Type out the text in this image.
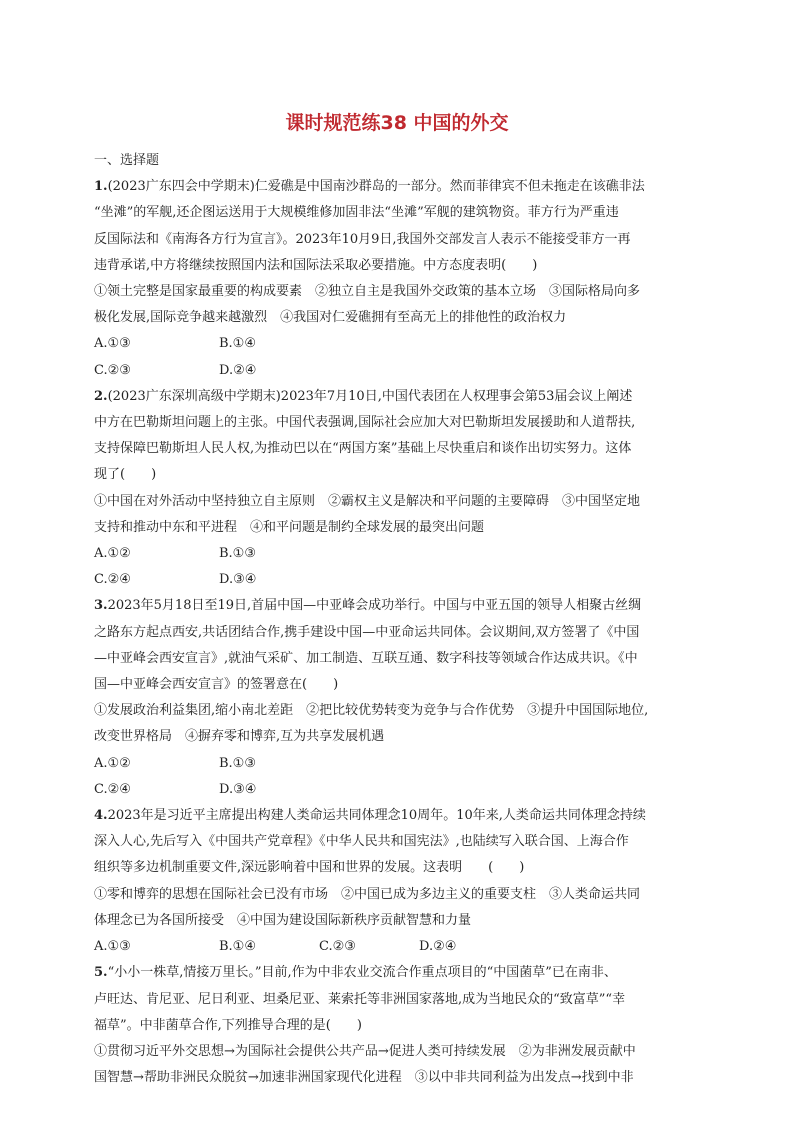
课时规范练38 中国的外交
一、选择题
1.(2023广东四会中学期末)仁爱礁是中国南沙群岛的一部分。然而菲律宾不但未拖走在该礁非法
“坐滩”的军舰,还企图运送用于大规模维修加固非法“坐滩”军舰的建筑物资。菲方行为严重违
反国际法和《南海各方行为宣言》。2023年10月9日,我国外交部发言人表示不能接受菲方一再
违背承诺,中方将继续按照国内法和国际法采取必要措施。中方态度表明(　　)
①领土完整是国家最重要的构成要素　②独立自主是我国外交政策的基本立场　③国际格局向多
极化发展,国际竞争越来越激烈　④我国对仁爱礁拥有至高无上的排他性的政治权力
A.①③	B.①④
C.②③	D.②④
2.(2023广东深圳高级中学期末)2023年7月10日,中国代表团在人权理事会第53届会议上阐述
中方在巴勒斯坦问题上的主张。中国代表强调,国际社会应加大对巴勒斯坦发展援助和人道帮扶,
支持保障巴勒斯坦人民人权,为推动巴以在“两国方案”基础上尽快重启和谈作出切实努力。这体
现了(　　)
①中国在对外活动中坚持独立自主原则　②霸权主义是解决和平问题的主要障碍　③中国坚定地
支持和推动中东和平进程　④和平问题是制约全球发展的最突出问题
A.①②	B.①③
C.②④	D.③④
3.2023年5月18日至19日,首届中国—中亚峰会成功举行。中国与中亚五国的领导人相聚古丝绸
之路东方起点西安,共话团结合作,携手建设中国—中亚命运共同体。会议期间,双方签署了《中国
—中亚峰会西安宣言》,就油气采矿、加工制造、互联互通、数字科技等领域合作达成共识。《中
国—中亚峰会西安宣言》的签署意在(　　)
①发展政治利益集团,缩小南北差距　②把比较优势转变为竞争与合作优势　③提升中国国际地位,
改变世界格局　④摒弃零和博弈,互为共享发展机遇
A.①②	B.①③
C.②④	D.③④
4.2023年是习近平主席提出构建人类命运共同体理念10周年。10年来,人类命运共同体理念持续
深入人心,先后写入《中国共产党章程》《中华人民共和国宪法》,也陆续写入联合国、上海合作
组织等多边机制重要文件,深远影响着中国和世界的发展。这表明　　(　　)
①零和博弈的思想在国际社会已没有市场　②中国已成为多边主义的重要支柱　③人类命运共同
体理念已为各国所接受　④中国为建设国际新秩序贡献智慧和力量
A.①③	B.①④	C.②③	D.②④
5.“小小一株草,情接万里长。”目前,作为中非农业交流合作重点项目的“中国菌草”已在南非、
卢旺达、肯尼亚、尼日利亚、坦桑尼亚、莱索托等非洲国家落地,成为当地民众的“致富草”“幸
福草”。中非菌草合作,下列推导合理的是(　　)
①贯彻习近平外交思想→为国际社会提供公共产品→促进人类可持续发展　②为非洲发展贡献中
国智慧→帮助非洲民众脱贫→加速非洲国家现代化进程　③以中非共同利益为出发点→找到中非
